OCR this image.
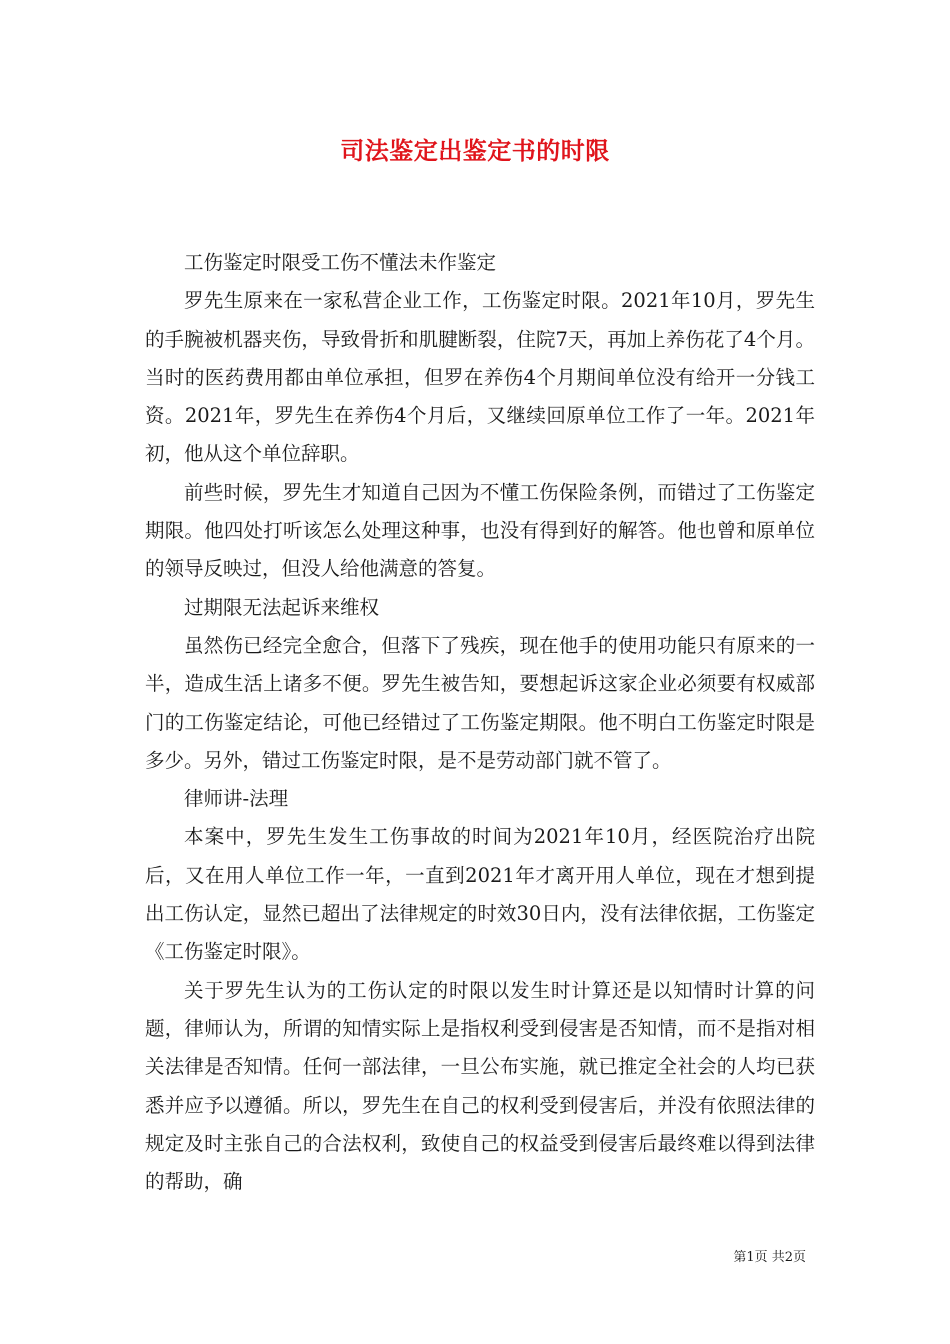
司法鉴定出鉴定书的时限

工伤鉴定时限受工伤不懂法未作鉴定

罗先生原来在一家私营企业工作，工伤鉴定时限。2021年10月，罗先生的手腕被机器夹伤，导致骨折和肌腱断裂，住院7天，再加上养伤花了4个月。当时的医药费用都由单位承担，但罗在养伤4个月期间单位没有给开一分钱工资。2021年，罗先生在养伤4个月后，又继续回原单位工作了一年。2021年初，他从这个单位辞职。

前些时候，罗先生才知道自己因为不懂工伤保险条例，而错过了工伤鉴定期限。他四处打听该怎么处理这种事，也没有得到好的解答。他也曾和原单位的领导反映过，但没人给他满意的答复。

过期限无法起诉来维权

虽然伤已经完全愈合，但落下了残疾，现在他手的使用功能只有原来的一半，造成生活上诸多不便。罗先生被告知，要想起诉这家企业必须要有权威部门的工伤鉴定结论，可他已经错过了工伤鉴定期限。他不明白工伤鉴定时限是多少。另外，错过工伤鉴定时限，是不是劳动部门就不管了。

律师讲-法理

本案中，罗先生发生工伤事故的时间为2021年10月，经医院治疗出院后，又在用人单位工作一年，一直到2021年才离开用人单位，现在才想到提出工伤认定，显然已超出了法律规定的时效30日内，没有法律依据，工伤鉴定《工伤鉴定时限》。

关于罗先生认为的工伤认定的时限以发生时计算还是以知情时计算的问题，律师认为，所谓的知情实际上是指权利受到侵害是否知情，而不是指对相关法律是否知情。任何一部法律，一旦公布实施，就已推定全社会的人均已获悉并应予以遵循。所以，罗先生在自己的权利受到侵害后，并没有依照法律的规定及时主张自己的合法权利，致使自己的权益受到侵害后最终难以得到法律的帮助，确

第1页 共2页
